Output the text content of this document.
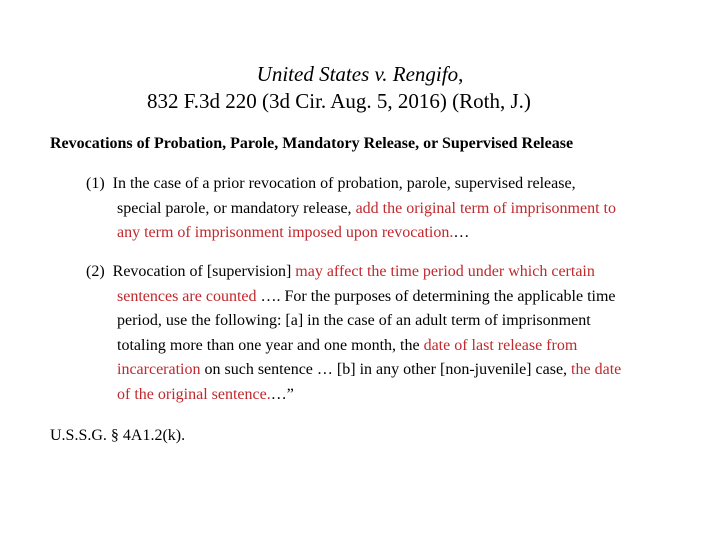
United States v. Rengifo,
832 F.3d 220 (3d Cir. Aug. 5, 2016) (Roth, J.)
Revocations of Probation, Parole, Mandatory Release, or Supervised Release
(1) In the case of a prior revocation of probation, parole, supervised release,
special parole, or mandatory release, add the original term of imprisonment to
any term of imprisonment imposed upon revocation.…
(2) Revocation of [supervision] may affect the time period under which certain
sentences are counted …. For the purposes of determining the applicable time
period, use the following: [a] in the case of an adult term of imprisonment
totaling more than one year and one month, the date of last release from
incarceration on such sentence … [b] in any other [non-juvenile] case, the date
of the original sentence.…”
U.S.S.G. § 4A1.2(k).
